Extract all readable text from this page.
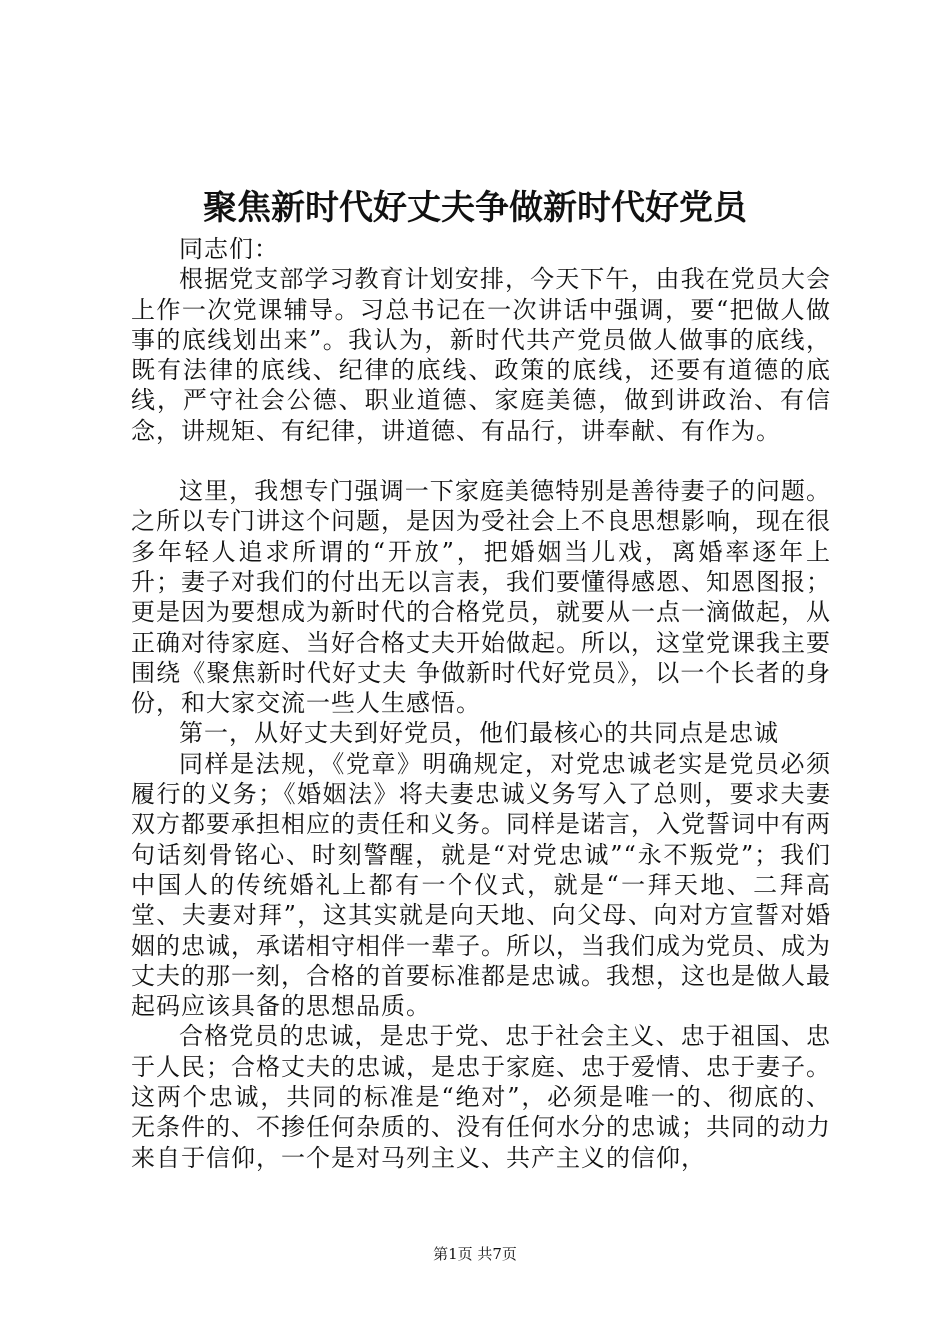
聚焦新时代好丈夫争做新时代好党员

同志们：

根据党支部学习教育计划安排，今天下午，由我在党员大会上作一次党课辅导。习总书记在一次讲话中强调，要“把做人做事的底线划出来”。我认为，新时代共产党员做人做事的底线，既有法律的底线、纪律的底线、政策的底线，还要有道德的底线，严守社会公德、职业道德、家庭美德，做到讲政治、有信念，讲规矩、有纪律，讲道德、有品行，讲奉献、有作为。

这里，我想专门强调一下家庭美德特别是善待妻子的问题。之所以专门讲这个问题，是因为受社会上不良思想影响，现在很多年轻人追求所谓的“开放”，把婚姻当儿戏，离婚率逐年上升；妻子对我们的付出无以言表，我们要懂得感恩、知恩图报；更是因为要想成为新时代的合格党员，就要从一点一滴做起，从正确对待家庭、当好合格丈夫开始做起。所以，这堂党课我主要围绕《聚焦新时代好丈夫 争做新时代好党员》，以一个长者的身份，和大家交流一些人生感悟。

第一，从好丈夫到好党员，他们最核心的共同点是忠诚

同样是法规，《党章》明确规定，对党忠诚老实是党员必须履行的义务；《婚姻法》将夫妻忠诚义务写入了总则，要求夫妻双方都要承担相应的责任和义务。同样是诺言，入党誓词中有两句话刻骨铭心、时刻警醒，就是“对党忠诚”“永不叛党”；我们中国人的传统婚礼上都有一个仪式，就是“一拜天地、二拜高堂、夫妻对拜”，这其实就是向天地、向父母、向对方宣誓对婚姻的忠诚，承诺相守相伴一辈子。所以，当我们成为党员、成为丈夫的那一刻，合格的首要标准都是忠诚。我想，这也是做人最起码应该具备的思想品质。

合格党员的忠诚，是忠于党、忠于社会主义、忠于祖国、忠于人民；合格丈夫的忠诚，是忠于家庭、忠于爱情、忠于妻子。这两个忠诚，共同的标准是“绝对”，必须是唯一的、彻底的、无条件的、不掺任何杂质的、没有任何水分的忠诚；共同的动力来自于信仰，一个是对马列主义、共产主义的信仰，

第1页 共7页
